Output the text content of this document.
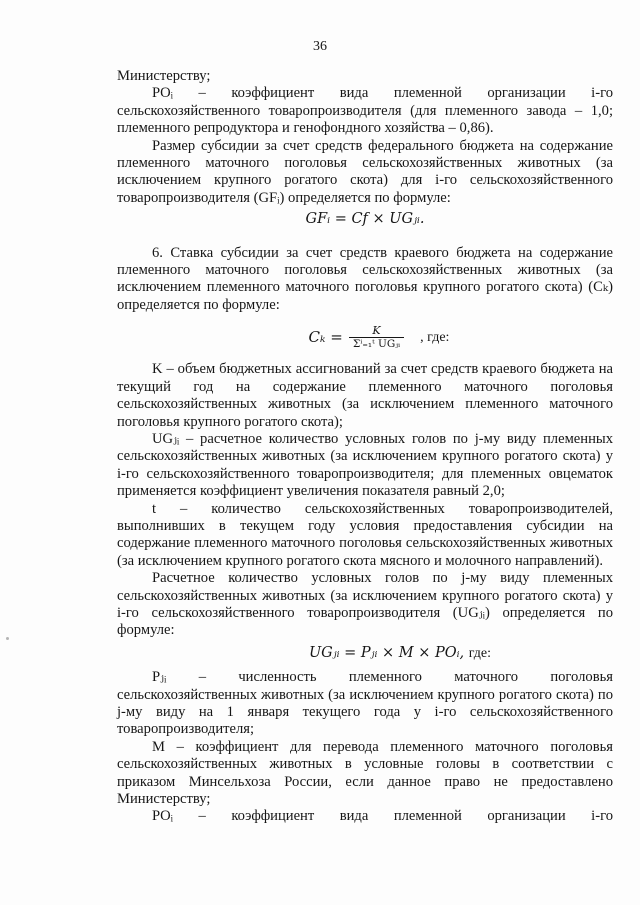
36

Министерству;

POᵢ – коэффициент вида племенной организации i-го сельскохозяйственного товаропроизводителя (для племенного завода – 1,0; племенного репродуктора и генофондного хозяйства – 0,86).

Размер субсидии за счет средств федерального бюджета на содержание племенного маточного поголовья сельскохозяйственных животных (за исключением крупного рогатого скота) для i-го сельскохозяйственного товаропроизводителя (GFᵢ) определяется по формуле:

GFᵢ = C𝑓 × UGⱼᵢ.

6. Ставка субсидии за счет средств краевого бюджета на содержание племенного маточного поголовья сельскохозяйственных животных (за исключением племенного маточного поголовья крупного рогатого скота) (Cₖ) определяется по формуле:

$C_k = \frac{K}{\text{Σⁱ₌₁ᵗ UGⱼᵢ}}$ , где:

K – объем бюджетных ассигнований за счет средств краевого бюджета на текущий год на содержание племенного маточного поголовья сельскохозяйственных животных (за исключением племенного маточного поголовья крупного рогатого скота);

UGⱼᵢ – расчетное количество условных голов по j-му виду племенных сельскохозяйственных животных (за исключением крупного рогатого скота) у i-го сельскохозяйственного товаропроизводителя; для племенных овцематок применяется коэффициент увеличения показателя равный 2,0;

t – количество сельскохозяйственных товаропроизводителей, выполнивших в текущем году условия предоставления субсидии на содержание племенного маточного поголовья сельскохозяйственных животных (за исключением крупного рогатого скота мясного и молочного направлений).

Расчетное количество условных голов по j-му виду племенных сельскохозяйственных животных (за исключением крупного рогатого скота) у i-го сельскохозяйственного товаропроизводителя (UGⱼᵢ) определяется по формуле:

UGⱼᵢ = Pⱼᵢ × M × POᵢ, где:

Pⱼᵢ – численность племенного маточного поголовья сельскохозяйственных животных (за исключением крупного рогатого скота) по j-му виду на 1 января текущего года у i-го сельскохозяйственного товаропроизводителя;

M – коэффициент для перевода племенного маточного поголовья сельскохозяйственных животных в условные головы в соответствии с приказом Минсельхоза России, если данное право не предоставлено Министерству;

POᵢ – коэффициент вида племенной организации i-го
